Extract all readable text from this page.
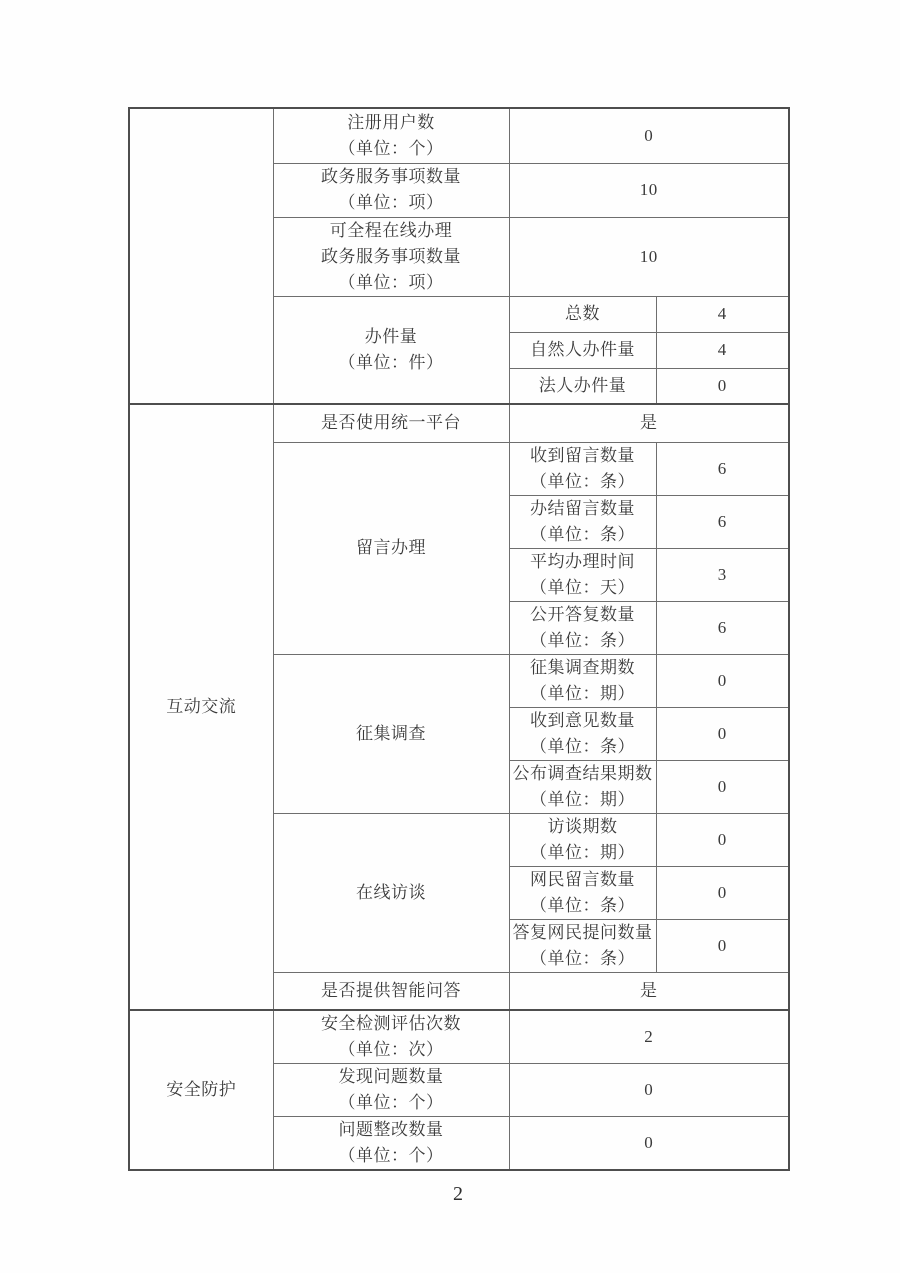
	注册用户数
（单位：个）	0	

	政务服务事项数量
（单位：项）	10	

	可全程在线办理
政务服务事项数量
（单位：项）	10	

	办件量
（单位：件）	总数	4
		自然人办件量	4
		法人办件量	0
互动交流	是否使用统一平台	是	
	留言办理	收到留言数量
（单位：条）	6

		办结留言数量
（单位：条）	6

		平均办理时间
（单位：天）	3

		公开答复数量
（单位：条）	6
	征集调查	征集调查期数
（单位：期）	0

		收到意见数量
（单位：条）	0

		公布调查结果期数
（单位：期）	0
	在线访谈	访谈期数
（单位：期）	0

		网民留言数量
（单位：条）	0

		答复网民提问数量
（单位：条）	0
	是否提供智能问答	是	
安全防护	安全检测评估次数
（单位：次）	2	

	发现问题数量
（单位：个）	0	

	问题整改数量
（单位：个）	0	
2
